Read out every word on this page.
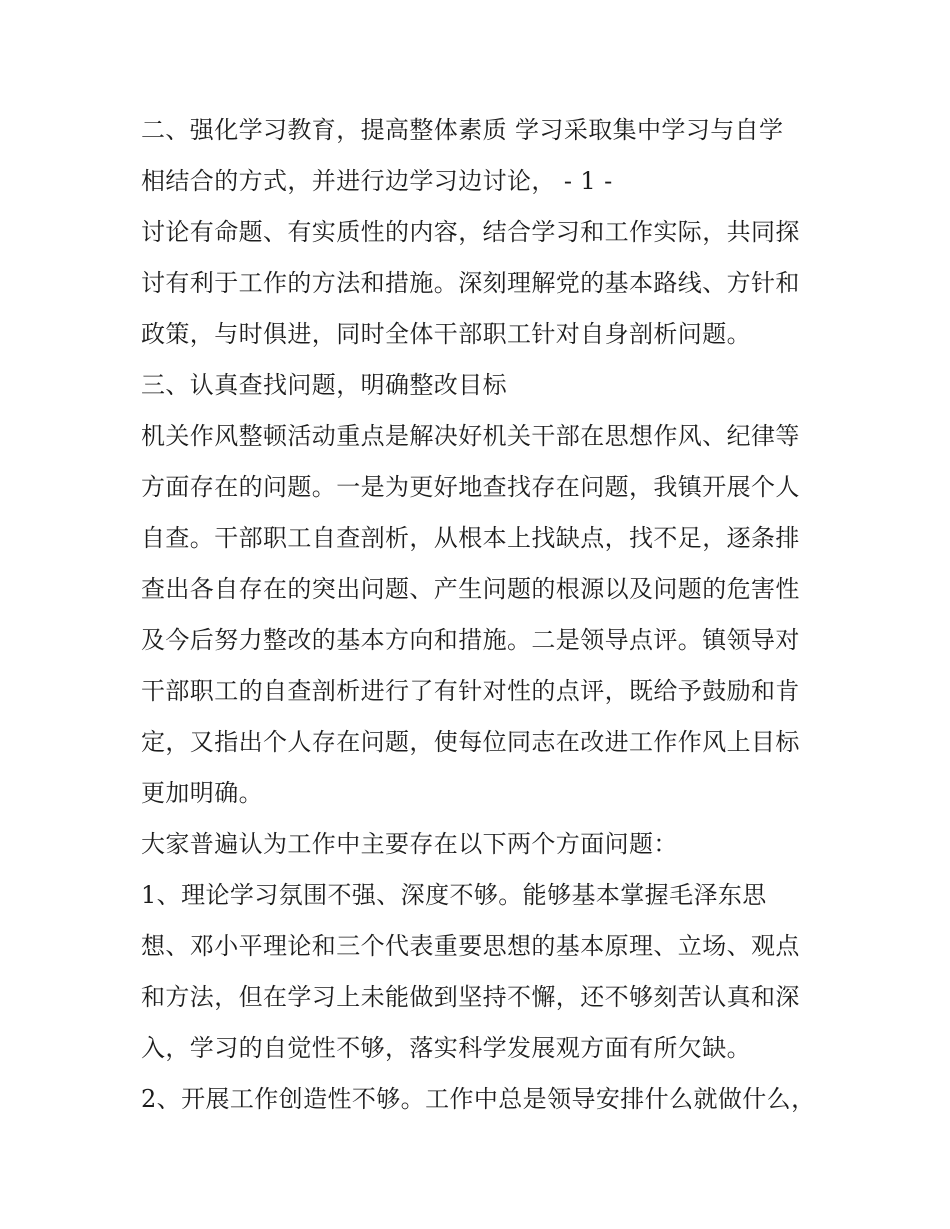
二、强化学习教育，提高整体素质 学习采取集中学习与自学
相结合的方式，并进行边学习边讨论， - 1 -
讨论有命题、有实质性的内容，结合学习和工作实际，共同探
讨有利于工作的方法和措施。深刻理解党的基本路线、方针和
政策，与时俱进，同时全体干部职工针对自身剖析问题。
三、认真查找问题，明确整改目标
机关作风整顿活动重点是解决好机关干部在思想作风、纪律等
方面存在的问题。一是为更好地查找存在问题，我镇开展个人
自查。干部职工自查剖析，从根本上找缺点，找不足，逐条排
查出各自存在的突出问题、产生问题的根源以及问题的危害性
及今后努力整改的基本方向和措施。二是领导点评。镇领导对
干部职工的自查剖析进行了有针对性的点评，既给予鼓励和肯
定，又指出个人存在问题，使每位同志在改进工作作风上目标
更加明确。
大家普遍认为工作中主要存在以下两个方面问题：
1、理论学习氛围不强、深度不够。能够基本掌握毛泽东思
想、邓小平理论和三个代表重要思想的基本原理、立场、观点
和方法，但在学习上未能做到坚持不懈，还不够刻苦认真和深
入，学习的自觉性不够，落实科学发展观方面有所欠缺。
2、开展工作创造性不够。工作中总是领导安排什么就做什么，
